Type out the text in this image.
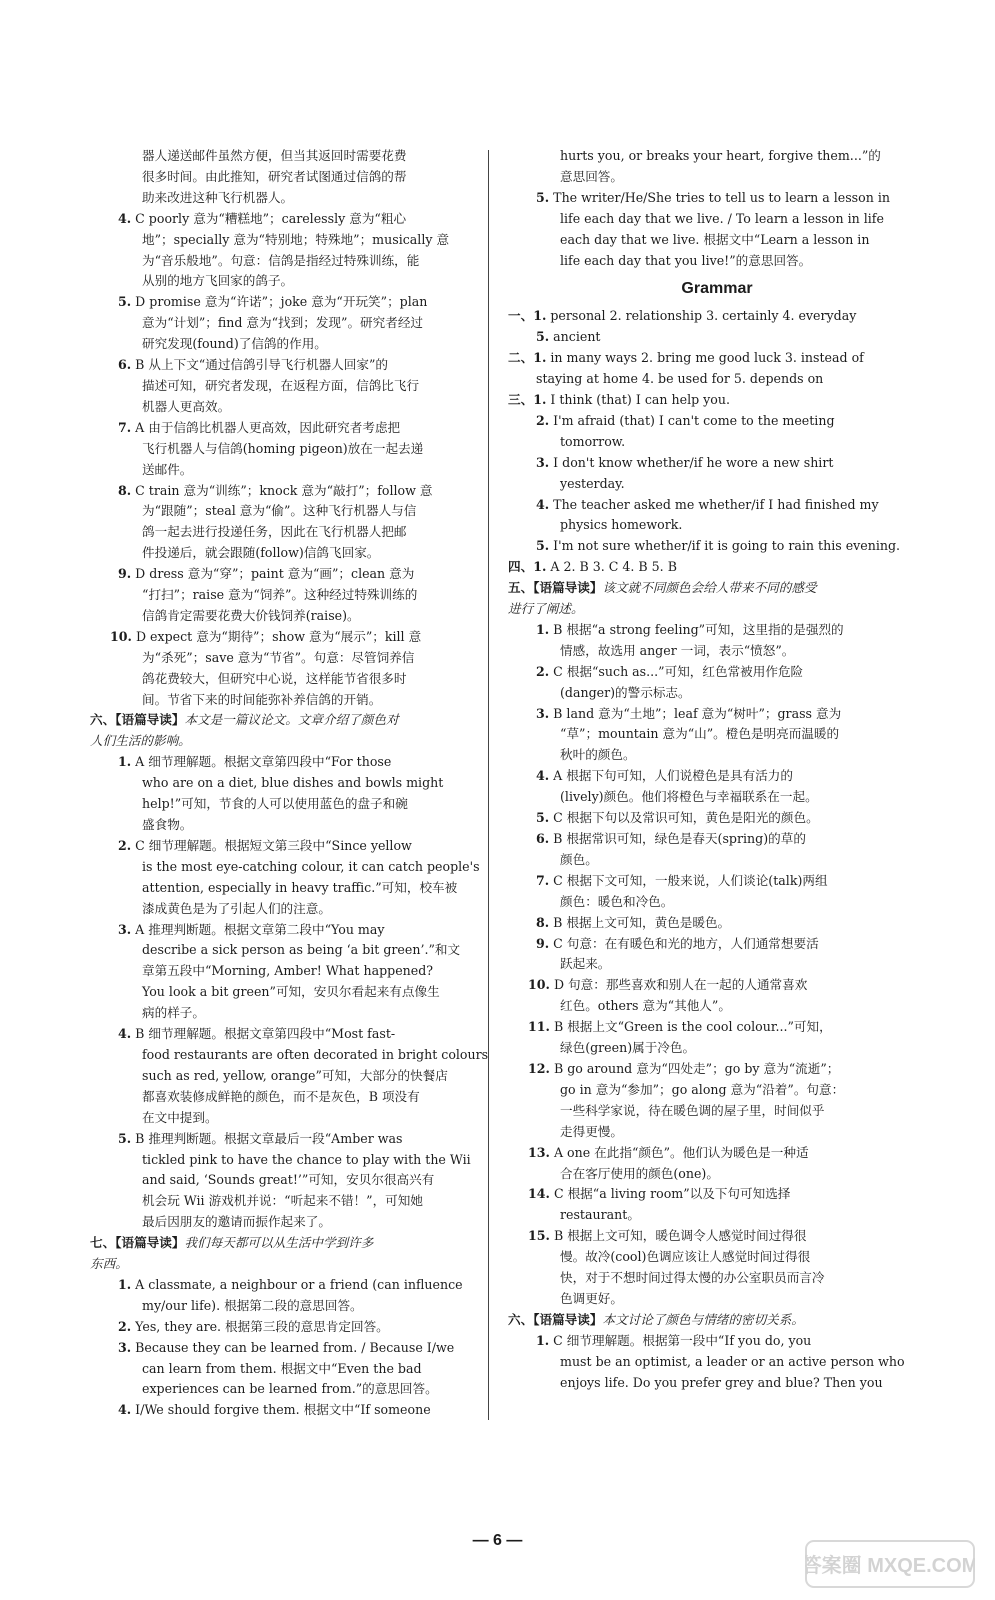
器人递送邮件虽然方便，但当其返回时需要花费
很多时间。由此推知，研究者试图通过信鸽的帮
助来改进这种飞行机器人。
4. C poorly 意为“糟糕地”；carelessly 意为“粗心
地”；specially 意为“特别地；特殊地”；musically 意
为“音乐般地”。句意：信鸽是指经过特殊训练，能
从别的地方飞回家的鸽子。
5. D promise 意为“许诺”；joke 意为“开玩笑”；plan
意为“计划”；find 意为“找到；发现”。研究者经过
研究发现(found)了信鸽的作用。
6. B 从上下文“通过信鸽引导飞行机器人回家”的
描述可知，研究者发现，在返程方面，信鸽比飞行
机器人更高效。
7. A 由于信鸽比机器人更高效，因此研究者考虑把
飞行机器人与信鸽(homing pigeon)放在一起去递
送邮件。
8. C train 意为“训练”；knock 意为“敲打”；follow 意
为“跟随”；steal 意为“偷”。这种飞行机器人与信
鸽一起去进行投递任务，因此在飞行机器人把邮
件投递后，就会跟随(follow)信鸽飞回家。
9. D dress 意为“穿”；paint 意为“画”；clean 意为
“打扫”；raise 意为“饲养”。这种经过特殊训练的
信鸽肯定需要花费大价钱饲养(raise)。
10. D expect 意为“期待”；show 意为“展示”；kill 意
为“杀死”；save 意为“节省”。句意：尽管饲养信
鸽花费较大，但研究中心说，这样能节省很多时
间。节省下来的时间能弥补养信鸽的开销。
六、【语篇导读】本文是一篇议论文。文章介绍了颜色对
人们生活的影响。
1. A 细节理解题。根据文章第四段中“For those
who are on a diet, blue dishes and bowls might
help!”可知，节食的人可以使用蓝色的盘子和碗
盛食物。
2. C 细节理解题。根据短文第三段中“Since yellow
is the most eye-catching colour, it can catch people's
attention, especially in heavy traffic.”可知，校车被
漆成黄色是为了引起人们的注意。
3. A 推理判断题。根据文章第二段中“You may
describe a sick person as being ‘a bit green’.”和文
章第五段中“Morning, Amber! What happened?
You look a bit green”可知，安贝尔看起来有点像生
病的样子。
4. B 细节理解题。根据文章第四段中“Most fast-
food restaurants are often decorated in bright colours
such as red, yellow, orange”可知，大部分的快餐店
都喜欢装修成鲜艳的颜色，而不是灰色，B 项没有
在文中提到。
5. B 推理判断题。根据文章最后一段“Amber was
tickled pink to have the chance to play with the Wii
and said, ‘Sounds great!’”可知，安贝尔很高兴有
机会玩 Wii 游戏机并说：“听起来不错！”，可知她
最后因朋友的邀请而振作起来了。
七、【语篇导读】我们每天都可以从生活中学到许多
东西。
1. A classmate, a neighbour or a friend (can influence
my/our life). 根据第二段的意思回答。
2. Yes, they are. 根据第三段的意思肯定回答。
3. Because they can be learned from. / Because I/we
can learn from them. 根据文中“Even the bad
experiences can be learned from.”的意思回答。
4. I/We should forgive them. 根据文中“If someone
hurts you, or breaks your heart, forgive them...”的
意思回答。
5. The writer/He/She tries to tell us to learn a lesson in
life each day that we live. / To learn a lesson in life
each day that we live. 根据文中“Learn a lesson in
life each day that you live!”的意思回答。
Grammar
一、1. personal 2. relationship 3. certainly 4. everyday
5. ancient
二、1. in many ways 2. bring me good luck 3. instead of
staying at home 4. be used for 5. depends on
三、1. I think (that) I can help you.
2. I'm afraid (that) I can't come to the meeting
tomorrow.
3. I don't know whether/if he wore a new shirt
yesterday.
4. The teacher asked me whether/if I had finished my
physics homework.
5. I'm not sure whether/if it is going to rain this evening.
四、1. A 2. B 3. C 4. B 5. B
五、【语篇导读】该文就不同颜色会给人带来不同的感受
进行了阐述。
1. B 根据“a strong feeling”可知，这里指的是强烈的
情感，故选用 anger 一词，表示“愤怒”。
2. C 根据“such as...”可知，红色常被用作危险
(danger)的警示标志。
3. B land 意为“土地”；leaf 意为“树叶”；grass 意为
“草”；mountain 意为“山”。橙色是明亮而温暖的
秋叶的颜色。
4. A 根据下句可知，人们说橙色是具有活力的
(lively)颜色。他们将橙色与幸福联系在一起。
5. C 根据下句以及常识可知，黄色是阳光的颜色。
6. B 根据常识可知，绿色是春天(spring)的草的
颜色。
7. C 根据下文可知，一般来说，人们谈论(talk)两组
颜色：暖色和冷色。
8. B 根据上文可知，黄色是暖色。
9. C 句意：在有暖色和光的地方，人们通常想要活
跃起来。
10. D 句意：那些喜欢和别人在一起的人通常喜欢
红色。others 意为“其他人”。
11. B 根据上文“Green is the cool colour...”可知，
绿色(green)属于冷色。
12. B go around 意为“四处走”；go by 意为“流逝”；
go in 意为“参加”；go along 意为“沿着”。句意：
一些科学家说，待在暖色调的屋子里，时间似乎
走得更慢。
13. A one 在此指“颜色”。他们认为暖色是一种适
合在客厅使用的颜色(one)。
14. C 根据“a living room”以及下句可知选择
restaurant。
15. B 根据上文可知，暖色调令人感觉时间过得很
慢。故冷(cool)色调应该让人感觉时间过得很
快，对于不想时间过得太慢的办公室职员而言冷
色调更好。
六、【语篇导读】本文讨论了颜色与情绪的密切关系。
1. C 细节理解题。根据第一段中“If you do, you
must be an optimist, a leader or an active person who
enjoys life. Do you prefer grey and blue? Then you
— 6 —
答案圈 MXQE.COM
